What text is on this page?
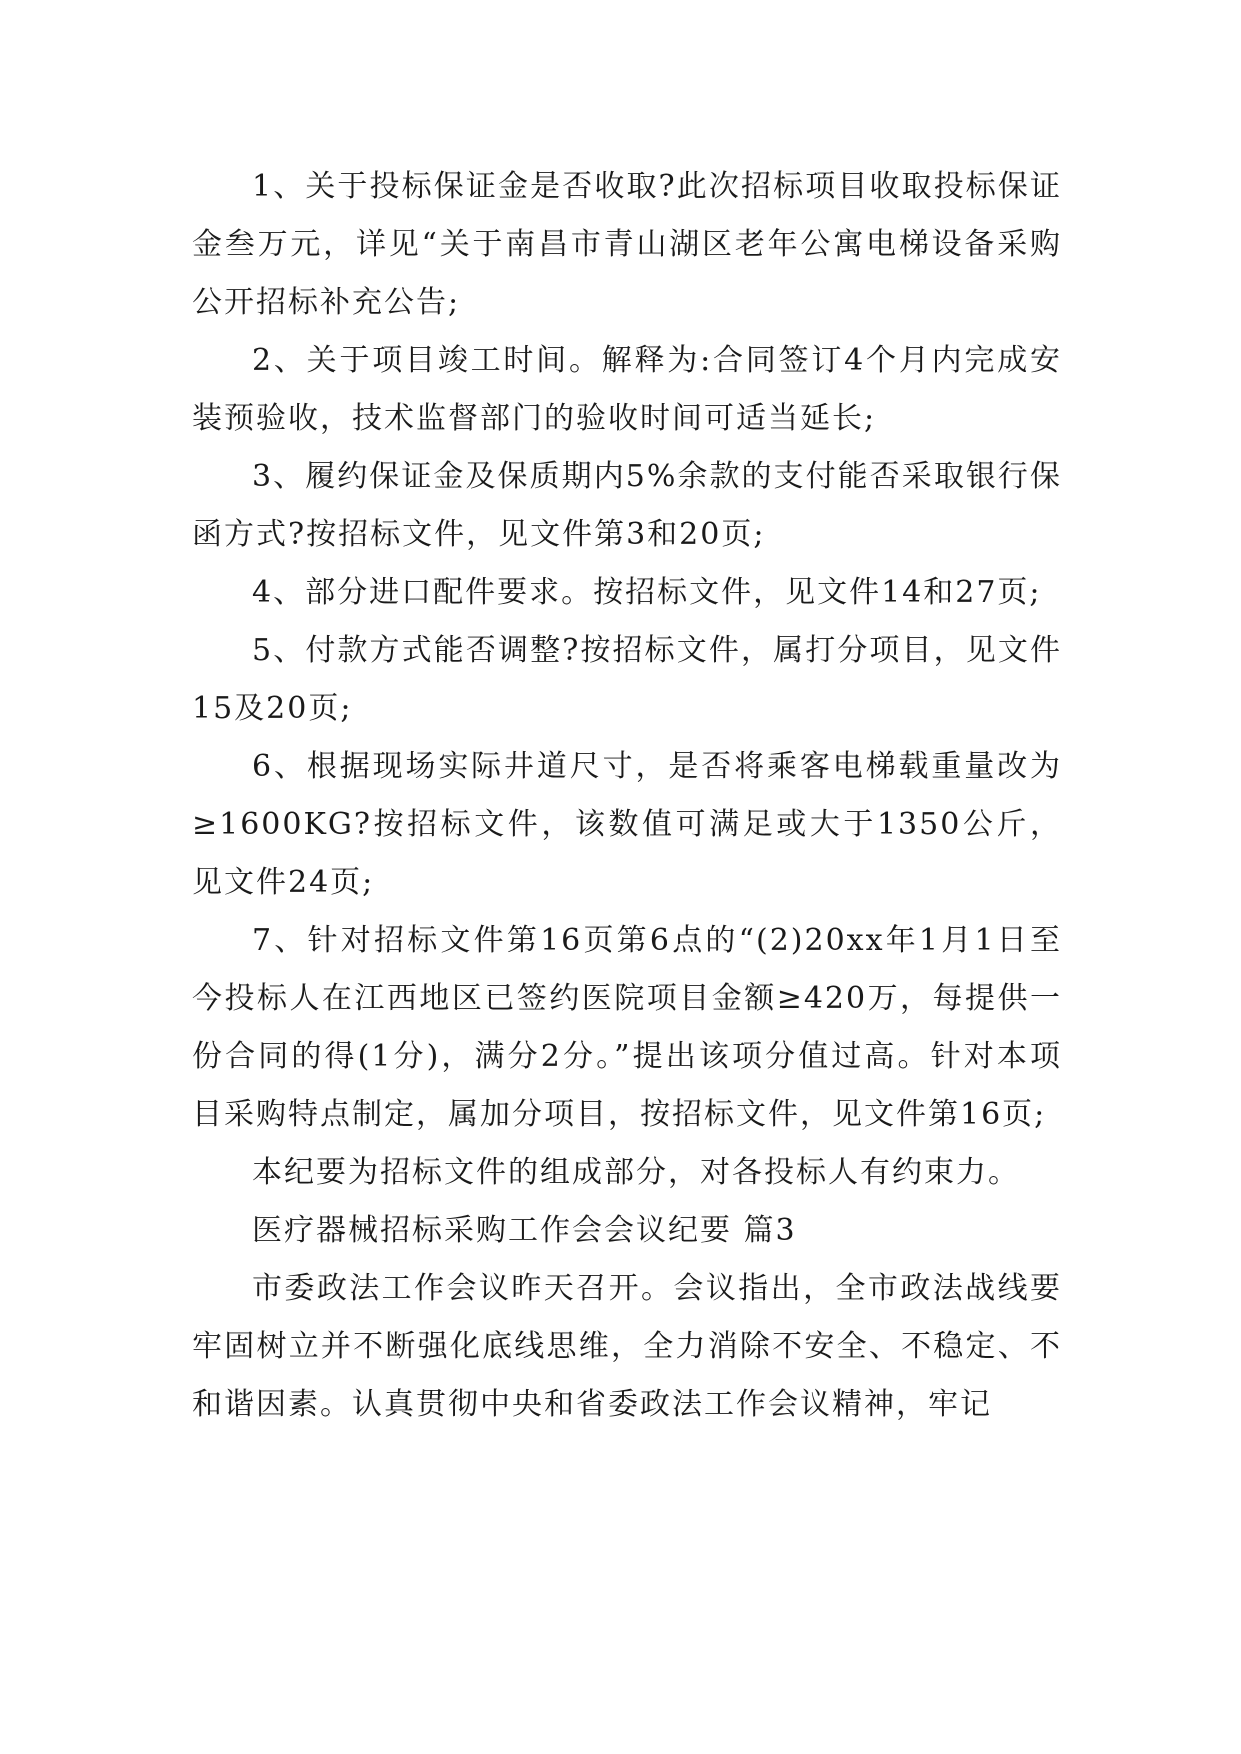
1、关于投标保证金是否收取?此次招标项目收取投标保证金叁万元，详见“关于南昌市青山湖区老年公寓电梯设备采购公开招标补充公告;

2、关于项目竣工时间。解释为:合同签订4个月内完成安装预验收，技术监督部门的验收时间可适当延长;

3、履约保证金及保质期内5%余款的支付能否采取银行保函方式?按招标文件，见文件第3和20页;

4、部分进口配件要求。按招标文件，见文件14和27页;

5、付款方式能否调整?按招标文件，属打分项目，见文件15及20页;

6、根据现场实际井道尺寸，是否将乘客电梯载重量改为≥1600KG?按招标文件，该数值可满足或大于1350公斤，见文件24页;

7、针对招标文件第16页第6点的“(2)20xx年1月1日至今投标人在江西地区已签约医院项目金额≥420万，每提供一份合同的得(1分)，满分2分。”提出该项分值过高。针对本项目采购特点制定，属加分项目，按招标文件，见文件第16页;

本纪要为招标文件的组成部分，对各投标人有约束力。

医疗器械招标采购工作会会议纪要 篇3

市委政法工作会议昨天召开。会议指出，全市政法战线要牢固树立并不断强化底线思维，全力消除不安全、不稳定、不和谐因素。认真贯彻中央和省委政法工作会议精神，牢记
